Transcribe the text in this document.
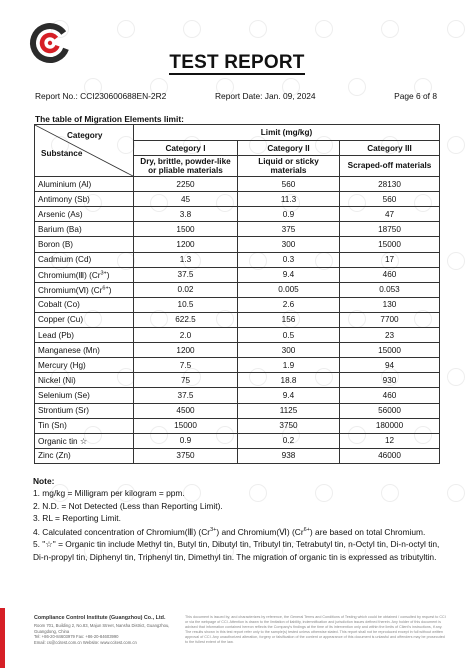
TEST REPORT
Report No.: CCI230600688EN-2R2	Report Date: Jan. 09, 2024	Page 6 of 8
The table of Migration Elements limit:
Category
Substance	Limit (mg/kg)		
	Category I	Category II	Category III
	Dry, brittle, powder-like or pliable materials	Liquid or sticky materials	Scraped-off materials
Aluminium (Al)	2250	560	28130
Antimony (Sb)	45	11.3	560
Arsenic (As)	3.8	0.9	47
Barium (Ba)	1500	375	18750
Boron (B)	1200	300	15000
Cadmium (Cd)	1.3	0.3	17
Chromium(Ⅲ) $(Cr^{3+})$	37.5	9.4	460
Chromium(Ⅵ) $(Cr^{6+})$	0.02	0.005	0.053
Cobalt (Co)	10.5	2.6	130
Copper (Cu)	622.5	156	7700
Lead (Pb)	2.0	0.5	23
Manganese (Mn)	1200	300	15000
Mercury (Hg)	7.5	1.9	94
Nickel (Ni)	75	18.8	930
Selenium (Se)	37.5	9.4	460
Strontium (Sr)	4500	1125	56000
Tin (Sn)	15000	3750	180000
Organic tin ☆	0.9	0.2	12
Zinc (Zn)	3750	938	46000
Note:
1. mg/kg = Milligram per kilogram = ppm.
2. N.D. = Not Detected (Less than Reporting Limit).
3. RL = Reporting Limit.
4. Calculated concentration of Chromium(Ⅲ) $(Cr^{3+})$ and Chromium(Ⅵ) $(Cr^{6+})$ are based on total Chromium.
5. "☆" = Organic tin include Methyl tin, Butyl tin, Dibutyl tin, Tributyl tin, Tetrabutyl tin, n-Octyl tin, Di-n-octyl tin, Di-n-propyl tin, Diphenyl tin, Triphenyl tin, Dimethyl tin. The migration of organic tin is expressed as tributyltin.
Compliance Control Institute (Guangzhou) Co., Ltd.
Room 701, Building 2, No.83, Majun Street, Nansha District, Guangzhou, Guangdong, China
Tel: +86-20-84603979 Fax: +86-20-84603990
Email: cs@ccitest.com.cn Website: www.ccitest.com.cn
This document is issued by, and characterizes by reference, the General Terms and Conditions of Testing which could be obtained / consulted by request to CCI or via the webpage of CCI. Attention is drawn to the limitation of liability, indemnification and jurisdiction issues defined therein. Any holder of this document is advised that information contained hereon reflects the Company's findings at the time of its intervention only and within the limits of Client's instructions, if any. The results shown in this test report refer only to the sample(s) tested unless otherwise stated. This report shall not be reproduced except in full without written approval of CCI. Any unauthorized alteration, forgery or falsification of the content or appearance of this document is unlawful and offenders may be prosecuted to the fullest extent of the law.
